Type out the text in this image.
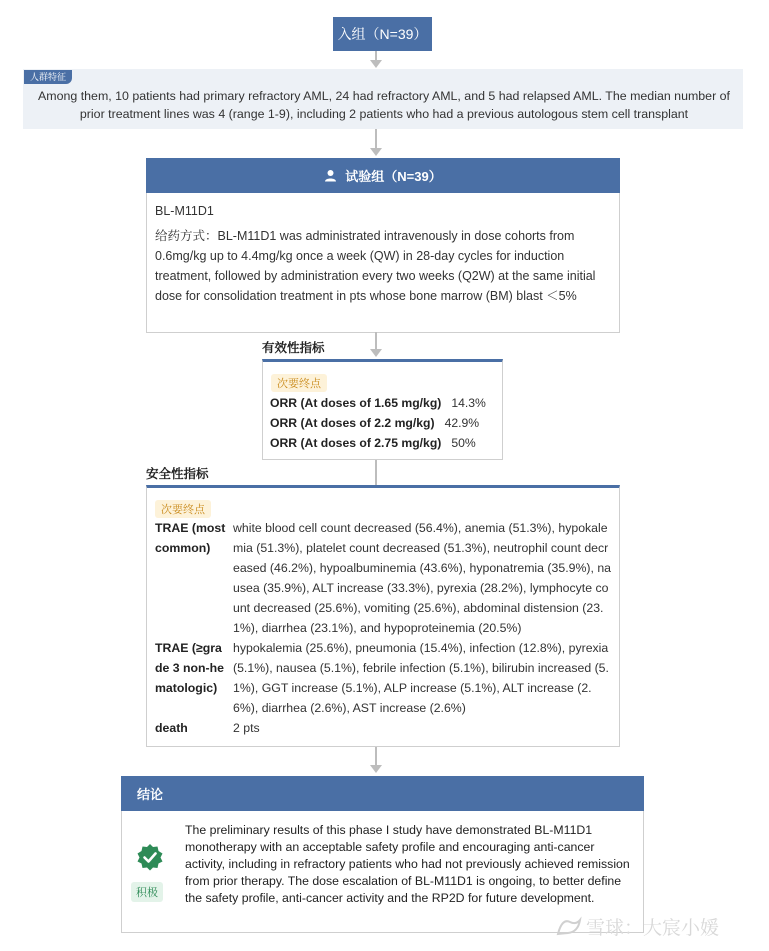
入组（N=39）
人群特征
Among them, 10 patients had primary refractory AML, 24 had refractory AML, and 5 had relapsed AML. The median number of prior treatment lines was 4 (range 1-9), including 2 patients who had a previous autologous stem cell transplant
试验组（N=39）
BL-M11D1
给药方式：BL-M11D1 was administrated intravenously in dose cohorts from 0.6mg/kg up to 4.4mg/kg once a week (QW) in 28-day cycles for induction treatment, followed by administration every two weeks (Q2W) at the same initial dose for consolidation treatment in pts whose bone marrow (BM) blast ＜5%
有效性指标
次要终点
ORR (At doses of 1.65 mg/kg) 14.3%
ORR (At doses of 2.2 mg/kg) 42.9%
ORR (At doses of 2.75 mg/kg) 50%
安全性指标
次要终点
TRAE (most common)
white blood cell count decreased (56.4%), anemia (51.3%), hypokalemia (51.3%), platelet count decreased (51.3%), neutrophil count decreased (46.2%), hypoalbuminemia (43.6%), hyponatremia (35.9%), nausea (35.9%), ALT increase (33.3%), pyrexia (28.2%), lymphocyte count decreased (25.6%), vomiting (25.6%), abdominal distension (23.1%), diarrhea (23.1%), and hypoproteinemia (20.5%)
TRAE (≥grade 3 non-hematologic)
hypokalemia (25.6%), pneumonia (15.4%), infection (12.8%), pyrexia (5.1%), nausea (5.1%), febrile infection (5.1%), bilirubin increased (5.1%), GGT increase (5.1%), ALP increase (5.1%), ALT increase (2.6%), diarrhea (2.6%), AST increase (2.6%)
death	2 pts
结论
积极
The preliminary results of this phase I study have demonstrated BL-M11D1 monotherapy with an acceptable safety profile and encouraging anti-cancer activity, including in refractory patients who had not previously achieved remission from prior therapy. The dose escalation of BL-M11D1 is ongoing, to better define the safety profile, anti-cancer activity and the RP2D for future development.
雪球：大宸小媛
